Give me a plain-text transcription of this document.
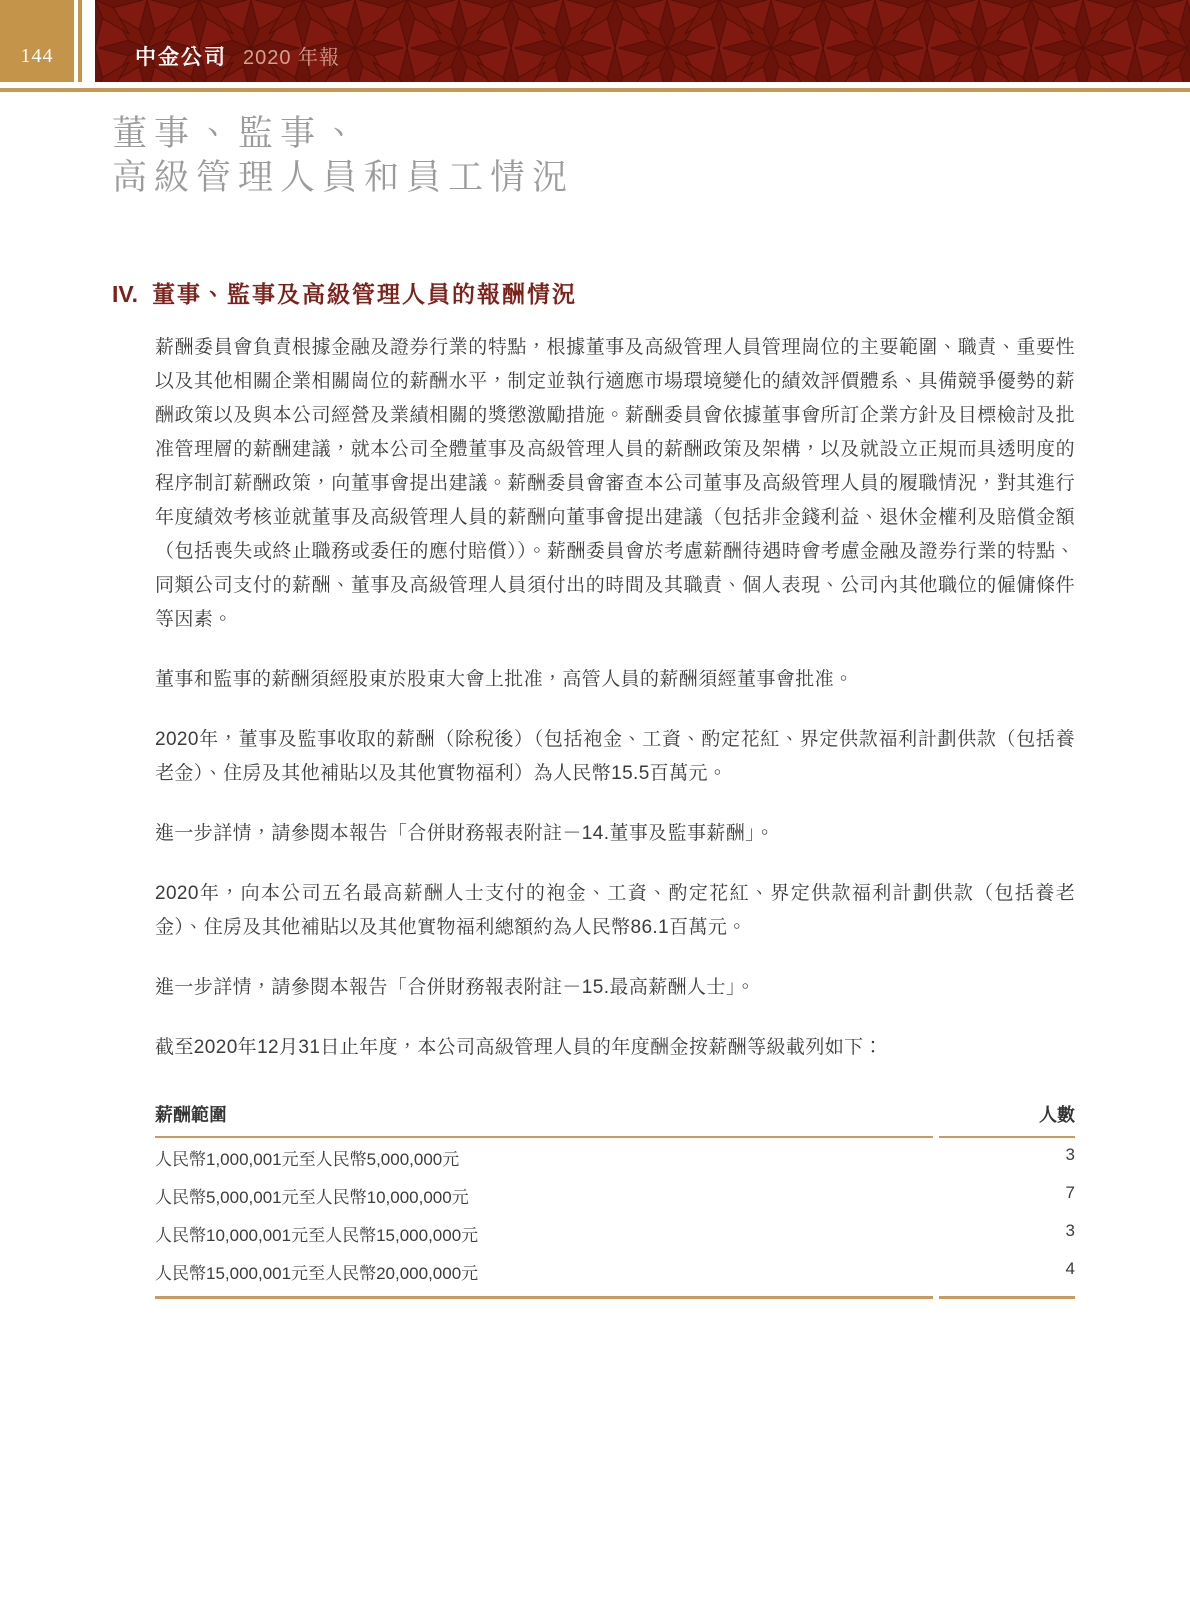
144	中金公司 2020 年報
董事、監事、
高級管理人員和員工情況
IV. 董事、監事及高級管理人員的報酬情況

薪酬委員會負責根據金融及證券行業的特點，根據董事及高級管理人員管理崗位的主要範圍、職責、重要性以及其他相關企業相關崗位的薪酬水平，制定並執行適應市場環境變化的績效評價體系、具備競爭優勢的薪酬政策以及與本公司經營及業績相關的獎懲激勵措施。薪酬委員會依據董事會所訂企業方針及目標檢討及批准管理層的薪酬建議，就本公司全體董事及高級管理人員的薪酬政策及架構，以及就設立正規而具透明度的程序制訂薪酬政策，向董事會提出建議。薪酬委員會審查本公司董事及高級管理人員的履職情況，對其進行年度績效考核並就董事及高級管理人員的薪酬向董事會提出建議（包括非金錢利益、退休金權利及賠償金額（包括喪失或終止職務或委任的應付賠償））。薪酬委員會於考慮薪酬待遇時會考慮金融及證券行業的特點、同類公司支付的薪酬、董事及高級管理人員須付出的時間及其職責、個人表現、公司內其他職位的僱傭條件等因素。

董事和監事的薪酬須經股東於股東大會上批准，高管人員的薪酬須經董事會批准。

2020年，董事及監事收取的薪酬（除稅後）（包括袍金、工資、酌定花紅、界定供款福利計劃供款（包括養老金）、住房及其他補貼以及其他實物福利）為人民幣15.5百萬元。

進一步詳情，請參閱本報告「合併財務報表附註－14.董事及監事薪酬」。

2020年，向本公司五名最高薪酬人士支付的袍金、工資、酌定花紅、界定供款福利計劃供款（包括養老金）、住房及其他補貼以及其他實物福利總額約為人民幣86.1百萬元。

進一步詳情，請參閱本報告「合併財務報表附註－15.最高薪酬人士」。

截至2020年12月31日止年度，本公司高級管理人員的年度酬金按薪酬等級載列如下：

薪酬範圍	人數
人民幣1,000,001元至人民幣5,000,000元	3
人民幣5,000,001元至人民幣10,000,000元	7
人民幣10,000,001元至人民幣15,000,000元	3
人民幣15,000,001元至人民幣20,000,000元	4
